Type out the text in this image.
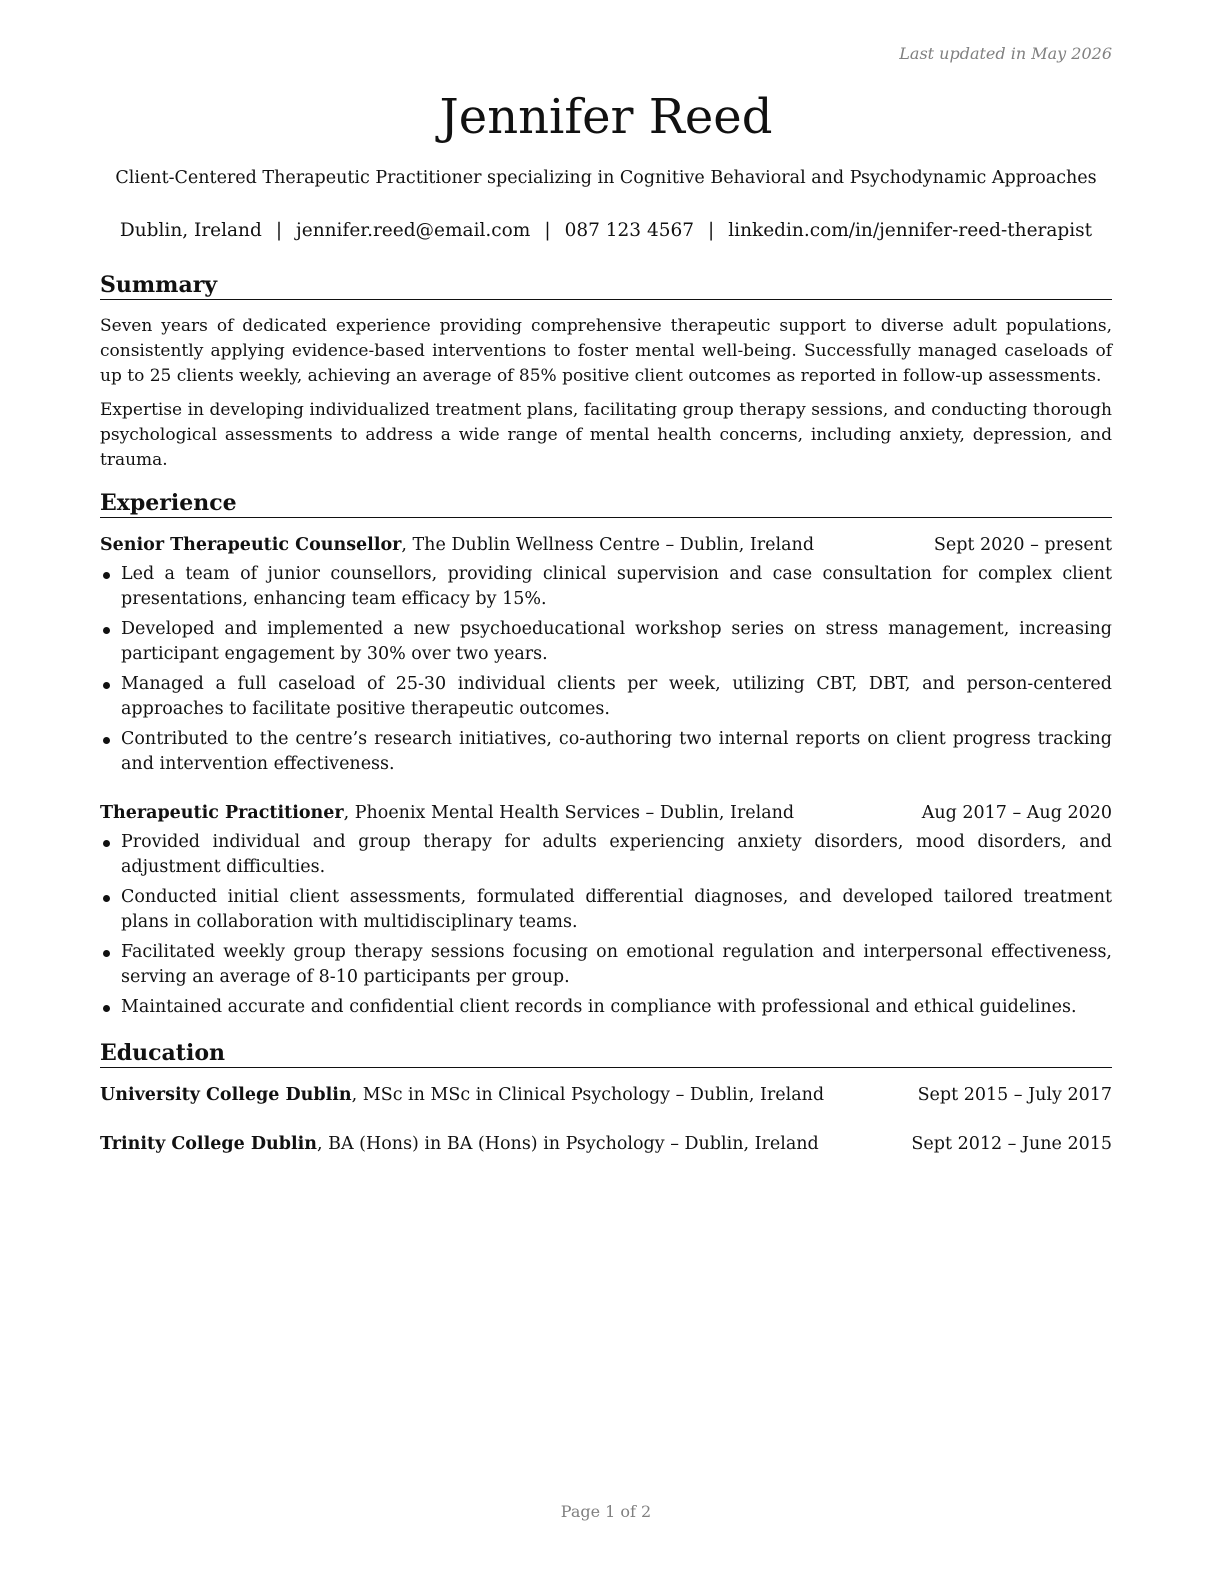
Last updated in May 2026
Jennifer Reed
Client-Centered Therapeutic Practitioner specializing in Cognitive Behavioral and Psychodynamic Approaches
Dublin, Ireland | jennifer.reed@email.com | 087 123 4567 | linkedin.com/in/jennifer-reed-therapist
Summary

Seven years of dedicated experience providing comprehensive therapeutic support to diverse adult populations, consistently applying evidence-based interventions to foster mental well-being. Successfully managed caseloads of up to 25 clients weekly, achieving an average of 85% positive client outcomes as reported in follow-up assessments.

Expertise in developing individualized treatment plans, facilitating group therapy sessions, and conducting thorough psychological assessments to address a wide range of mental health concerns, including anxiety, depression, and trauma.

Experience
Senior Therapeutic Counsellor, The Dublin Wellness Centre – Dublin, Ireland	Sept 2020 – present
Led a team of junior counsellors, providing clinical supervision and case consultation for complex client presentations, enhancing team efficacy by 15%.
Developed and implemented a new psychoeducational workshop series on stress management, increasing participant engagement by 30% over two years.
Managed a full caseload of 25-30 individual clients per week, utilizing CBT, DBT, and person-centered approaches to facilitate positive therapeutic outcomes.
Contributed to the centre’s research initiatives, co-authoring two internal reports on client progress tracking and intervention effectiveness.
Therapeutic Practitioner, Phoenix Mental Health Services – Dublin, Ireland	Aug 2017 – Aug 2020
Provided individual and group therapy for adults experiencing anxiety disorders, mood disorders, and adjustment difficulties.
Conducted initial client assessments, formulated differential diagnoses, and developed tailored treatment plans in collaboration with multidisciplinary teams.
Facilitated weekly group therapy sessions focusing on emotional regulation and interpersonal effectiveness, serving an average of 8-10 participants per group.
Maintained accurate and confidential client records in compliance with professional and ethical guidelines.
Education
University College Dublin, MSc in MSc in Clinical Psychology – Dublin, Ireland	Sept 2015 – July 2017
Trinity College Dublin, BA (Hons) in BA (Hons) in Psychology – Dublin, Ireland	Sept 2012 – June 2015
Page 1 of 2
